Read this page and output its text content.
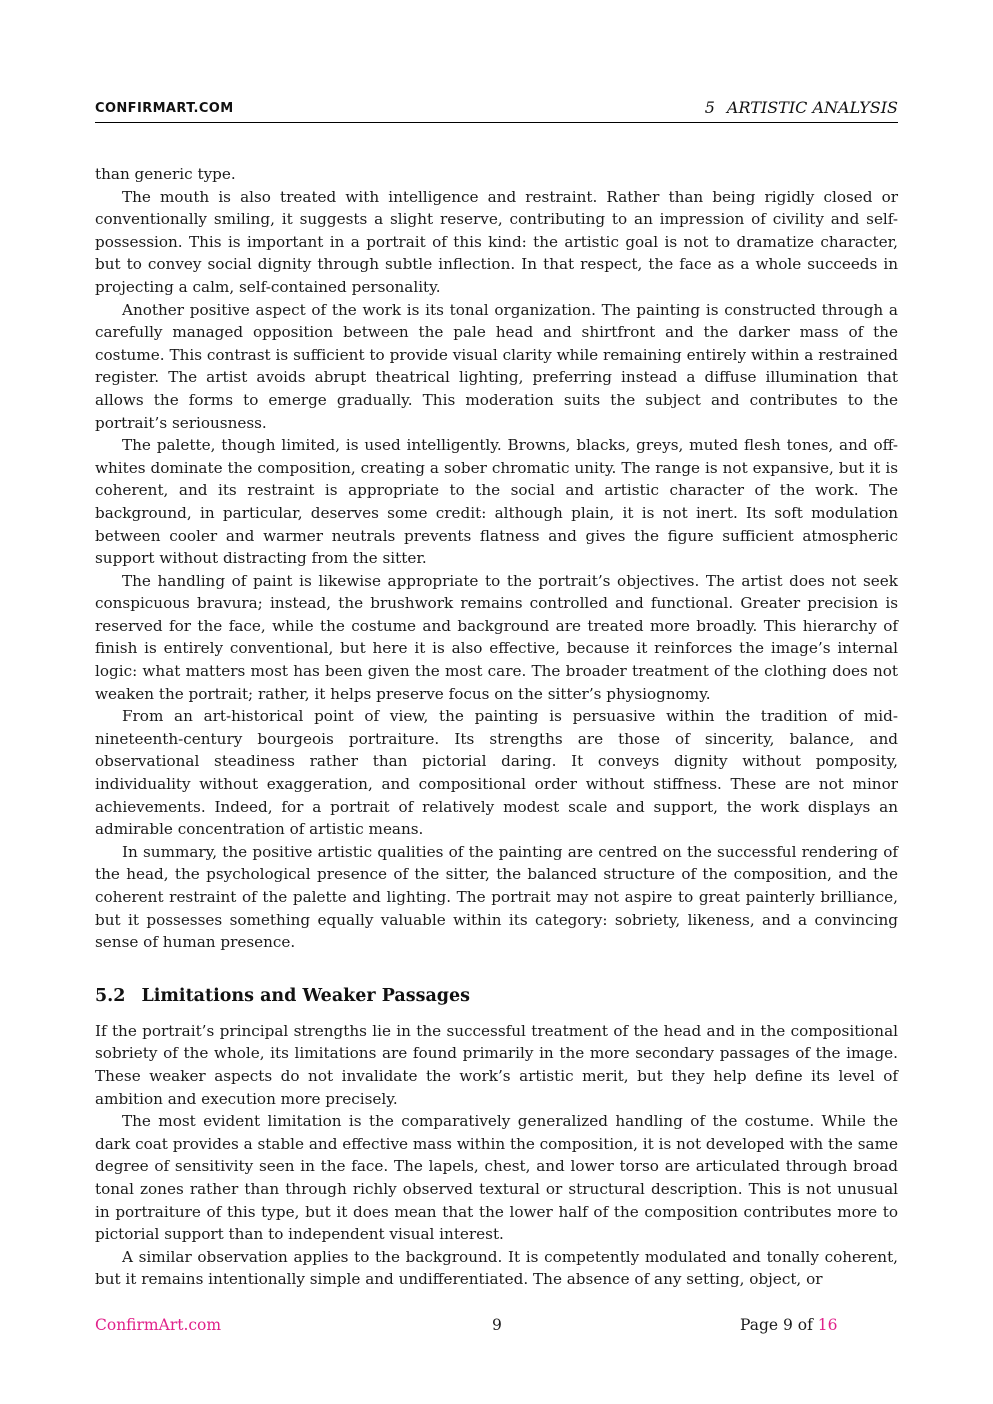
CONFIRMART.COM	5 ARTISTIC ANALYSIS

than generic type.

The mouth is also treated with intelligence and restraint. Rather than being rigidly closed or conventionally smiling, it suggests a slight reserve, contributing to an impression of civility and self-possession. This is important in a portrait of this kind: the artistic goal is not to dramatize character, but to convey social dignity through subtle inflection. In that respect, the face as a whole succeeds in projecting a calm, self-contained personality.

Another positive aspect of the work is its tonal organization. The painting is constructed through a carefully managed opposition between the pale head and shirtfront and the darker mass of the costume. This contrast is sufficient to provide visual clarity while remaining entirely within a restrained register. The artist avoids abrupt theatrical lighting, preferring instead a diffuse illumination that allows the forms to emerge gradually. This moderation suits the subject and contributes to the portrait’s seriousness.

The palette, though limited, is used intelligently. Browns, blacks, greys, muted flesh tones, and off-whites dominate the composition, creating a sober chromatic unity. The range is not expansive, but it is coherent, and its restraint is appropriate to the social and artistic character of the work. The background, in particular, deserves some credit: although plain, it is not inert. Its soft modulation between cooler and warmer neutrals prevents flatness and gives the figure sufficient atmospheric support without distracting from the sitter.

The handling of paint is likewise appropriate to the portrait’s objectives. The artist does not seek conspicuous bravura; instead, the brushwork remains controlled and functional. Greater precision is reserved for the face, while the costume and background are treated more broadly. This hierarchy of finish is entirely conventional, but here it is also effective, because it reinforces the image’s internal logic: what matters most has been given the most care. The broader treatment of the clothing does not weaken the portrait; rather, it helps preserve focus on the sitter’s physiognomy.

From an art-historical point of view, the painting is persuasive within the tradition of mid-nineteenth-century bourgeois portraiture. Its strengths are those of sincerity, balance, and observational steadiness rather than pictorial daring. It conveys dignity without pomposity, individuality without exaggeration, and compositional order without stiffness. These are not minor achievements. Indeed, for a portrait of relatively modest scale and support, the work displays an admirable concentration of artistic means.

In summary, the positive artistic qualities of the painting are centred on the successful rendering of the head, the psychological presence of the sitter, the balanced structure of the composition, and the coherent restraint of the palette and lighting. The portrait may not aspire to great painterly brilliance, but it possesses something equally valuable within its category: sobriety, likeness, and a convincing sense of human presence.

5.2 Limitations and Weaker Passages

If the portrait’s principal strengths lie in the successful treatment of the head and in the compositional sobriety of the whole, its limitations are found primarily in the more secondary passages of the image. These weaker aspects do not invalidate the work’s artistic merit, but they help define its level of ambition and execution more precisely.

The most evident limitation is the comparatively generalized handling of the costume. While the dark coat provides a stable and effective mass within the composition, it is not developed with the same degree of sensitivity seen in the face. The lapels, chest, and lower torso are articulated through broad tonal zones rather than through richly observed textural or structural description. This is not unusual in portraiture of this type, but it does mean that the lower half of the composition contributes more to pictorial support than to independent visual interest.

A similar observation applies to the background. It is competently modulated and tonally coherent, but it remains intentionally simple and undifferentiated. The absence of any setting, object, or

ConfirmArt.com	9	Page 9 of 16
